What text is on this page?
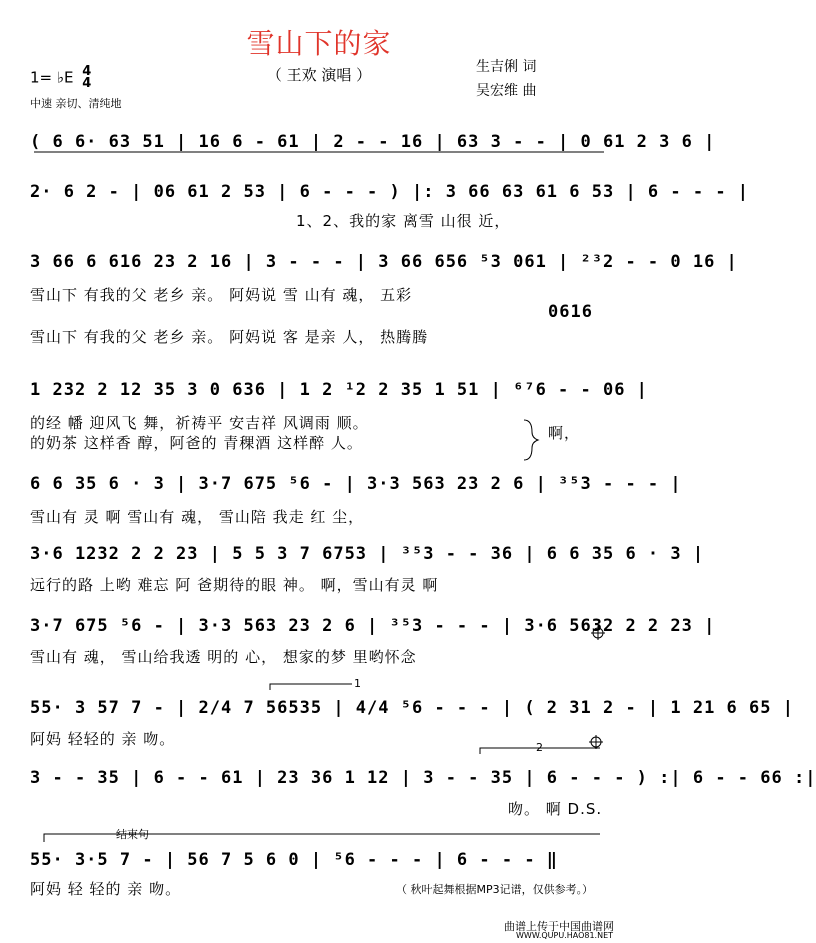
雪山下的家
（ 王欢 演唱 ）
1= ♭E 4
4
中速 亲切、清纯地
生吉俐 词
吴宏维 曲
( 6 6· 63 51 | 16 6 - 61 | 2 - - 16 | 63 3 - - | 0 61 2 3 6 |
2· 6 2 - | 06 61 2 53 | 6 - - - ) |: 3 66 63 61 6 53 | 6 - - - |
1、2、我的家 离雪 山很 近，
3 66 6 616 23 2 16 | 3 - - - | 3 66 656 ⁵3 061 | ²³2 - - 0 16 |
雪山下 有我的父 老乡 亲。 阿妈说 雪 山有 魂， 五彩
0616
雪山下 有我的父 老乡 亲。 阿妈说 客 是亲 人， 热腾腾
1 232 2 12 35 3 0 636 | 1 2 ¹2 2 35 1 51 | ⁶⁷6 - - 06 |
的经 幡 迎风飞 舞，祈祷平 安吉祥 风调雨 顺。
的奶茶 这样香 醇，阿爸的 青稞酒 这样醉 人。
啊，
6 6 35 6 · 3 | 3·7 675 ⁵6 - | 3·3 563 23 2 6 | ³⁵3 - - - |
雪山有 灵 啊 雪山有 魂， 雪山陪 我走 红 尘，
3·6 1232 2 2 23 | 5 5 3 7 6753 | ³⁵3 - - 36 | 6 6 35 6 · 3 |
远行的路 上哟 难忘 阿 爸期待的眼 神。 啊，雪山有灵 啊
3·7 675 ⁵6 - | 3·3 563 23 2 6 | ³⁵3 - - - | 3·6 5632 2 2 23 |
雪山有 魂， 雪山给我透 明的 心， 想家的梦 里哟怀念
1
55· 3 57 7 - | 2/4 7 56535 | 4/4 ⁵6 - - - | ( 2 31 2 - | 1 21 6 65 |
阿妈 轻轻的 亲 吻。	2
3 - - 35 | 6 - - 61 | 23 36 1 12 | 3 - - 35 | 6 - - - ) :| 6 - - 66 :|
吻。 啊 D.S.
结束句
55· 3·5 7 - | 56 7 5 6 0 | ⁵6 - - - | 6 - - - ‖
阿妈 轻 轻的 亲 吻。	（ 秋叶起舞根据MP3记谱，仅供参考。）
曲谱上传于中国曲谱网
WWW.QUPU.HAO81.NET
